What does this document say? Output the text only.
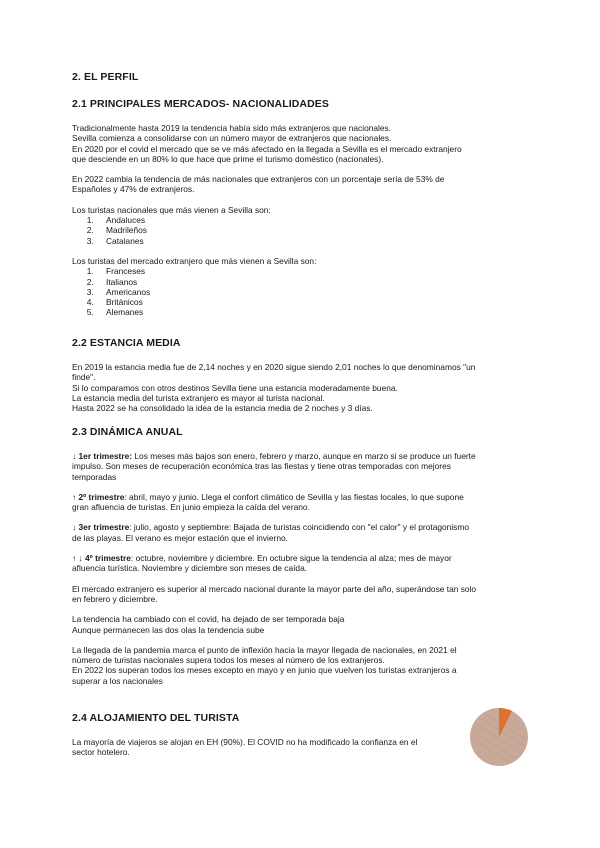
2. EL PERFIL
2.1 PRINCIPALES MERCADOS- NACIONALIDADES

Tradicionalmente hasta 2019 la tendencia había sido más extranjeros que nacionales.

Sevilla comienza a consolidarse con un número mayor de extranjeros que nacionales.

En 2020 por el covid el mercado que se ve más afectado en la llegada a Sevilla es el mercado extranjero

que desciende en un 80% lo que hace que prime el turismo doméstico (nacionales).

En 2022 cambia la tendencia de más nacionales que extranjeros con un porcentaje sería de 53% de

Españoles y 47% de extranjeros.

Los turistas nacionales que más vienen a Sevilla son:

1. Andaluces
2. Madrileños
3. Catalanes

Los turistas del mercado extranjero que más vienen a Sevilla son:

1. Franceses
2. Italianos
3. Americanos
4. Británicos
5. Alemanes
2.2 ESTANCIA MEDIA

En 2019 la estancia media fue de 2,14 noches y en 2020 sigue siendo 2,01 noches lo que denominamos "un

finde".

Si lo comparamos con otros destinos Sevilla tiene una estancia moderadamente buena.

La estancia media del turista extranjero es mayor al turista nacional.

Hasta 2022 se ha consolidado la idea de la estancia media de 2 noches y 3 días.

2.3 DINÁMICA ANUAL

↓ 1er trimestre: Los meses más bajos son enero, febrero y marzo, aunque en marzo si se produce un fuerte

impulso. Son meses de recuperación económica tras las fiestas y tiene otras temporadas con mejores

temporadas

↑ 2º trimestre: abril, mayo y junio. Llega el confort climático de Sevilla y las fiestas locales, lo que supone

gran afluencia de turistas. En junio empieza la caída del verano.

↓ 3er trimestre: julio, agosto y septiembre: Bajada de turistas coincidiendo con "el calor" y el protagonismo

de las playas. El verano es mejor estación que el invierno.

↑ ↓ 4º trimestre: octubre, noviembre y diciembre. En octubre sigue la tendencia al alza; mes de mayor

afluencia turística. Noviembre y diciembre son meses de caída.

El mercado extranjero es superior al mercado nacional durante la mayor parte del año, superándose tan solo

en febrero y diciembre.

La tendencia ha cambiado con el covid, ha dejado de ser temporada baja

Aunque permanecen las dos olas la tendencia sube

La llegada de la pandemia marca el punto de inflexión hacia la mayor llegada de nacionales, en 2021 el

número de turistas nacionales supera todos los meses al número de los extranjeros.

En 2022 los superan todos los meses excepto en mayo y en junio que vuelven los turistas extranjeros a

superar a los nacionales

2.4 ALOJAMIENTO DEL TURISTA

La mayoría de viajeros se alojan en EH (90%). El COVID no ha modificado la confianza en el

sector hotelero.
